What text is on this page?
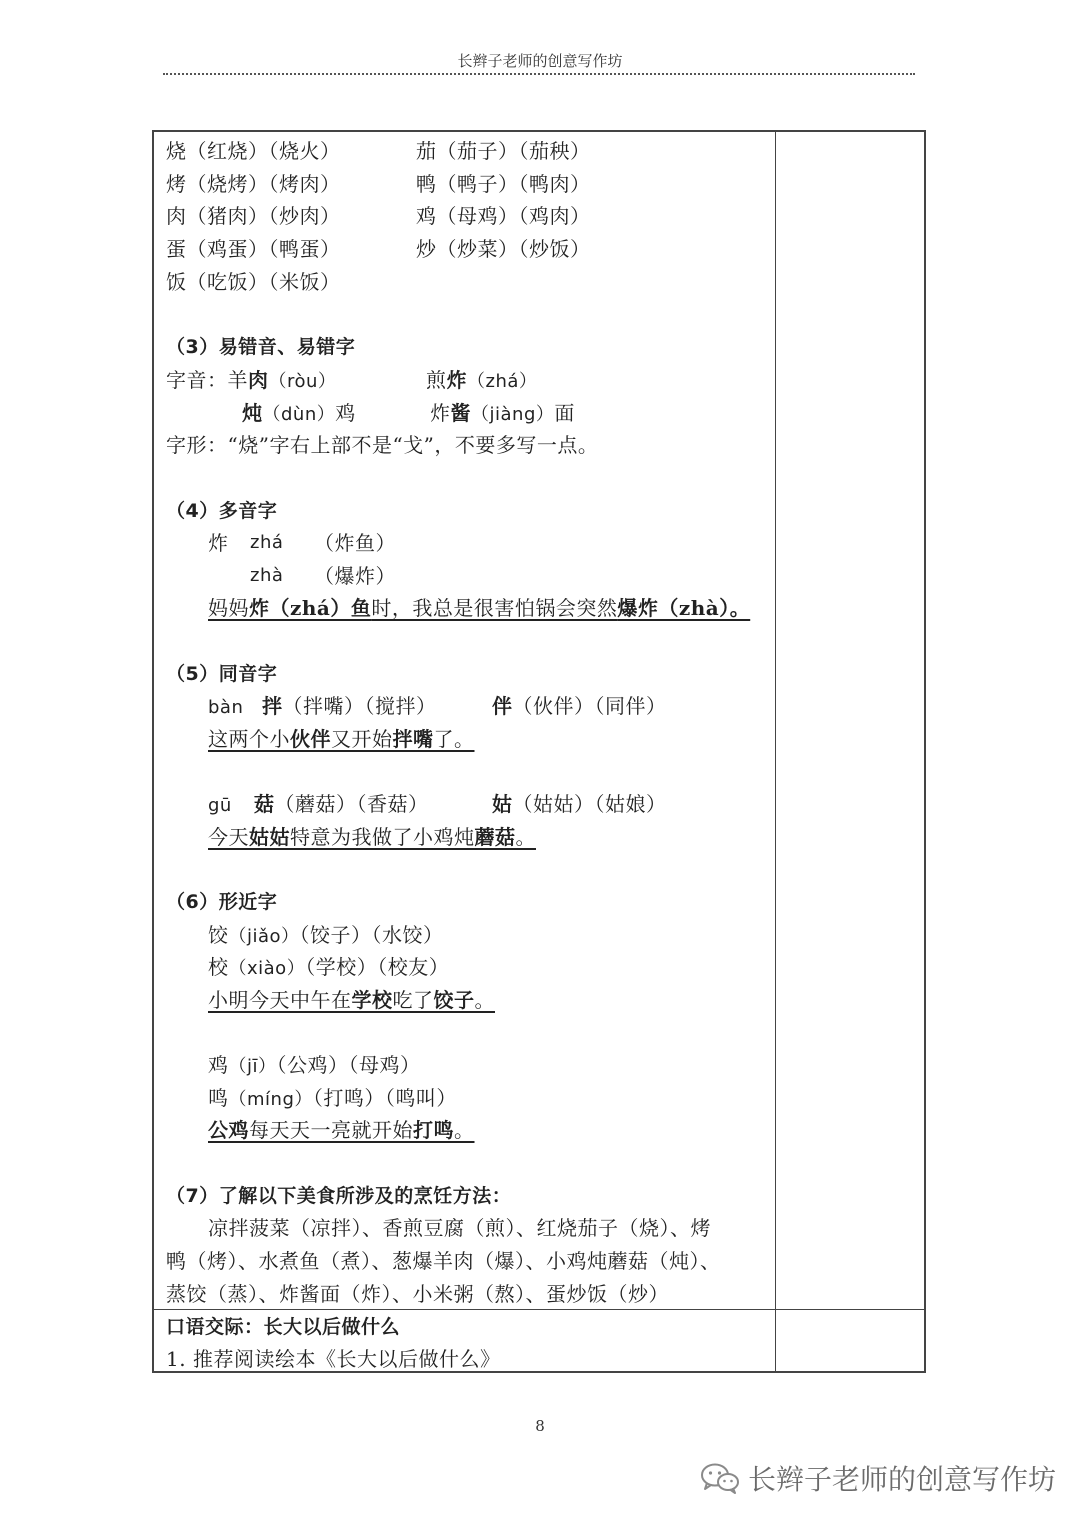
长辫子老师的创意写作坊
烧（红烧）（烧火）	茄（茄子）（茄秧）
烤（烧烤）（烤肉）	鸭（鸭子）（鸭肉）
肉（猪肉）（炒肉）	鸡（母鸡）（鸡肉）
蛋（鸡蛋）（鸭蛋）	炒（炒菜）（炒饭）
饭（吃饭）（米饭）
（3）易错音、易错字
字音：羊肉（ròu）	煎炸（zhá）
炖（dùn）鸡	炸酱（jiàng）面
字形：“烧”字右上部不是“戈”，不要多写一点。
（4）多音字
炸 zhá （炸鱼）
zhà （爆炸）
妈妈炸（zhá）鱼时，我总是很害怕锅会突然爆炸（zhà）。
（5）同音字
bàn 拌（拌嘴）（搅拌）	伴（伙伴）（同伴）
这两个小伙伴又开始拌嘴了。
gū 菇（蘑菇）（香菇）	姑（姑姑）（姑娘）
今天姑姑特意为我做了小鸡炖蘑菇。
（6）形近字
饺（jiǎo）（饺子）（水饺）
校（xiào）（学校）（校友）
小明今天中午在学校吃了饺子。
鸡（jī）（公鸡）（母鸡）
鸣（míng）（打鸣）（鸣叫）
公鸡每天天一亮就开始打鸣。
（7）了解以下美食所涉及的烹饪方法：
凉拌菠菜（凉拌）、香煎豆腐（煎）、红烧茄子（烧）、烤
鸭（烤）、水煮鱼（煮）、葱爆羊肉（爆）、小鸡炖蘑菇（炖）、
蒸饺（蒸）、炸酱面（炸）、小米粥（熬）、蛋炒饭（炒）
口语交际：长大以后做什么
1. 推荐阅读绘本《长大以后做什么》
8
长辫子老师的创意写作坊
